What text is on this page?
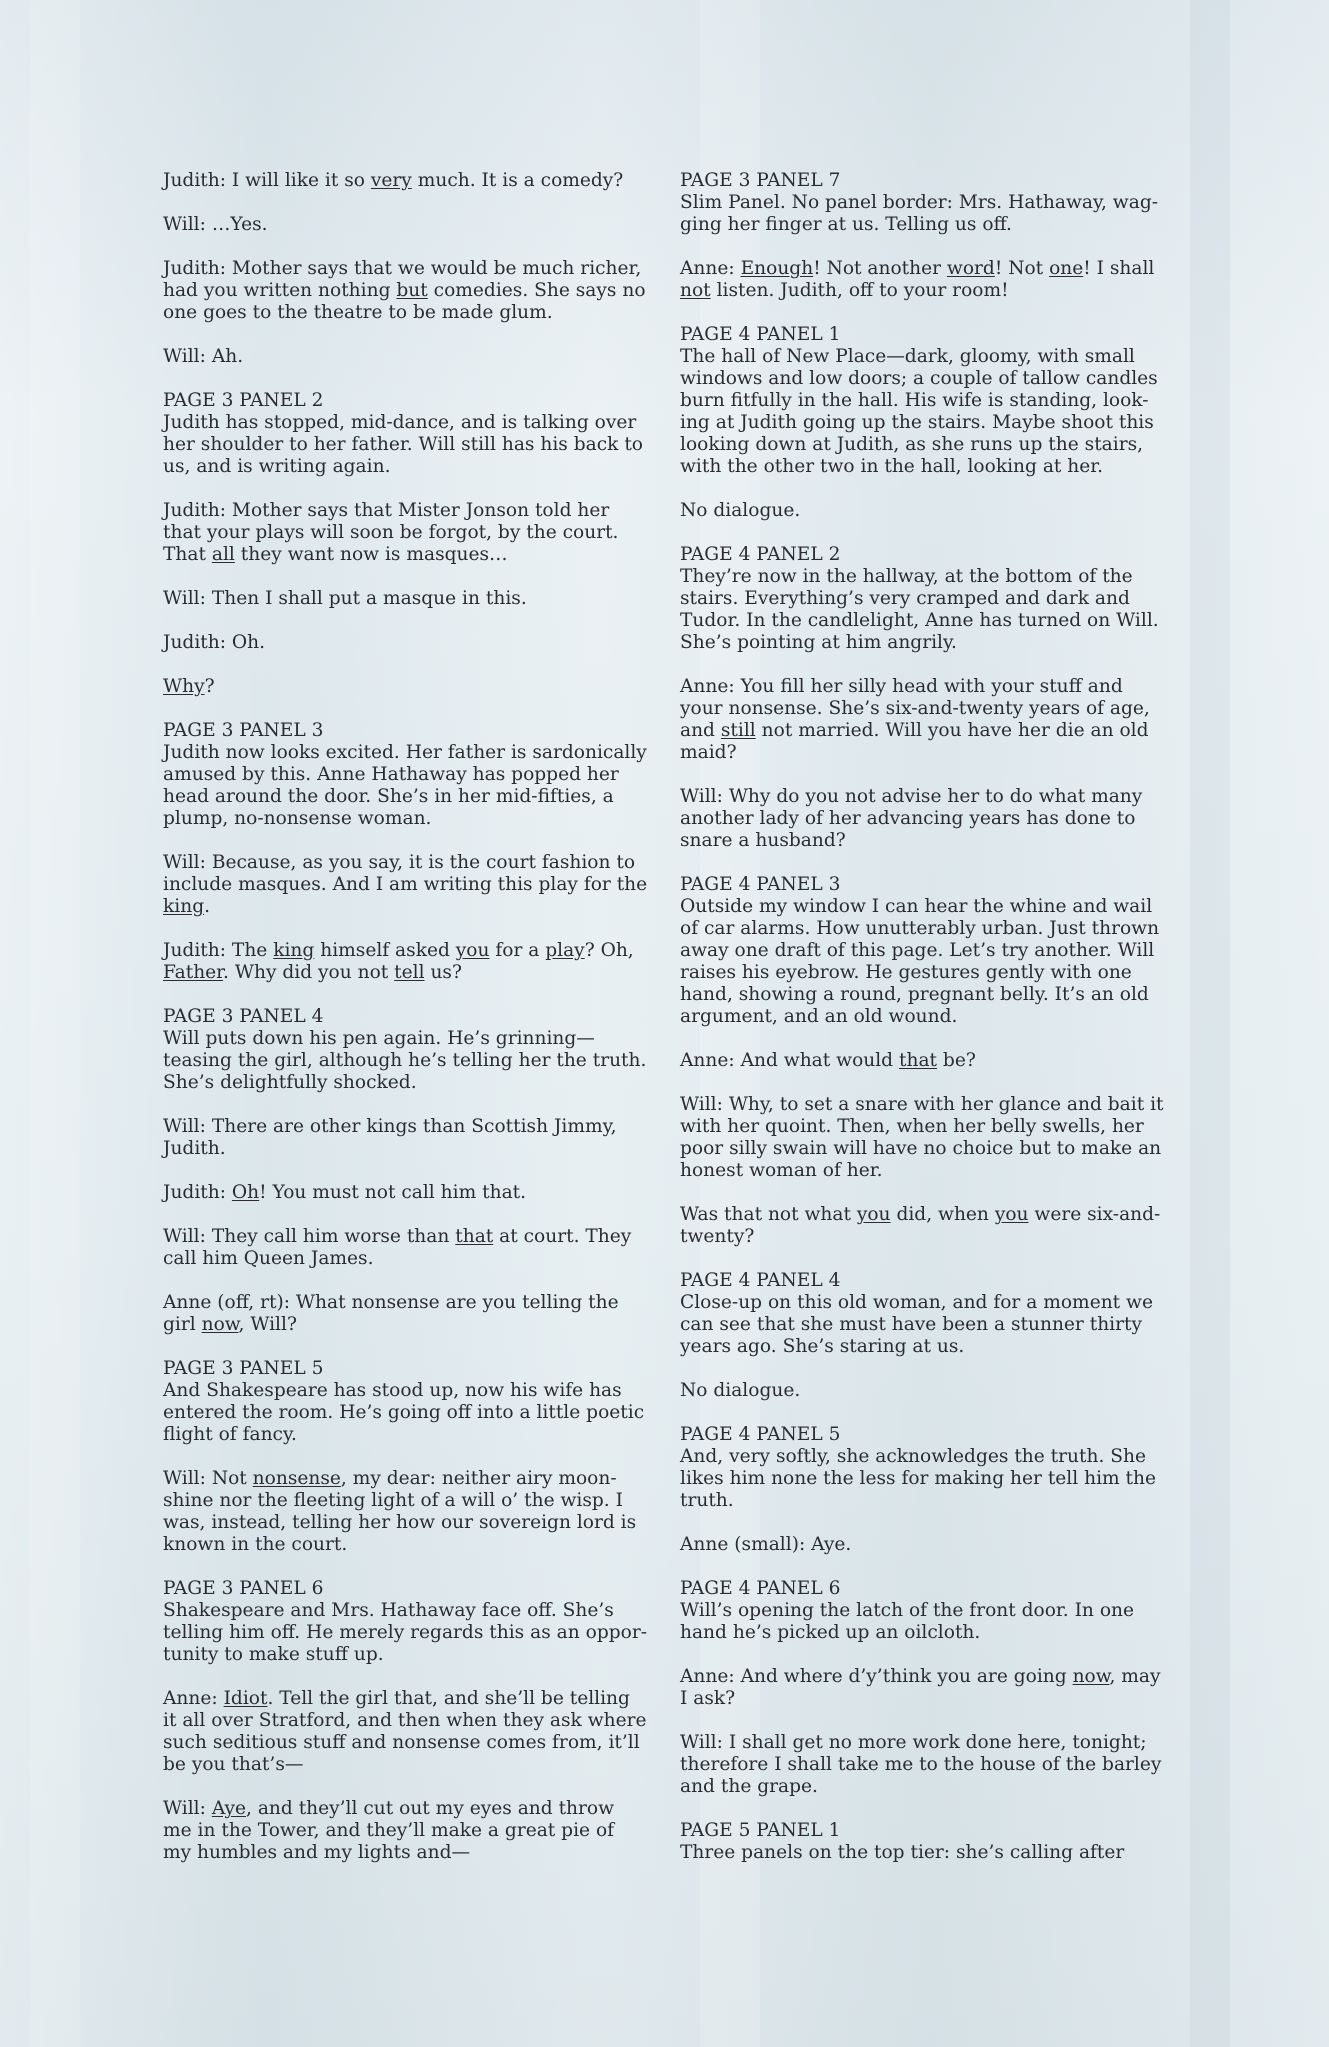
Judith: I will like it so very much. It is a comedy?

Will: …Yes.

Judith: Mother says that we would be much richer, had you written nothing but comedies. She says no one goes to the theatre to be made glum.

Will: Ah.

PAGE 3 PANEL 2

Judith has stopped, mid-dance, and is talking over her shoulder to her father. Will still has his back to us, and is writing again.

Judith: Mother says that Mister Jonson told her that your plays will soon be forgot, by the court. That all they want now is masques…

Will: Then I shall put a masque in this.

Judith: Oh.

Why?

PAGE 3 PANEL 3

Judith now looks excited. Her father is sardonically amused by this. Anne Hathaway has popped her head around the door. She’s in her mid-fifties, a plump, no-nonsense woman.

Will: Because, as you say, it is the court fashion to include masques. And I am writing this play for the king.

Judith: The king himself asked you for a play? Oh, Father. Why did you not tell us?

PAGE 3 PANEL 4

Will puts down his pen again. He’s grinning—teasing the girl, although he’s telling her the truth. She’s delightfully shocked.

Will: There are other kings than Scottish Jimmy, Judith.

Judith: Oh! You must not call him that.

Will: They call him worse than that at court. They call him Queen James.

Anne (off, rt): What nonsense are you telling the girl now, Will?

PAGE 3 PANEL 5

And Shakespeare has stood up, now his wife has entered the room. He’s going off into a little poetic flight of fancy.

Will: Not nonsense, my dear: neither airy moon-shine nor the fleeting light of a will o’ the wisp. I was, instead, telling her how our sovereign lord is known in the court.

PAGE 3 PANEL 6

Shakespeare and Mrs. Hathaway face off. She’s telling him off. He merely regards this as an oppor-tunity to make stuff up.

Anne: Idiot. Tell the girl that, and she’ll be telling it all over Stratford, and then when they ask where such seditious stuff and nonsense comes from, it’ll be you that’s—

Will: Aye, and they’ll cut out my eyes and throw me in the Tower, and they’ll make a great pie of my humbles and my lights and—

PAGE 3 PANEL 7

Slim Panel. No panel border: Mrs. Hathaway, wag-ging her finger at us. Telling us off.

Anne: Enough! Not another word! Not one! I shall not listen. Judith, off to your room!

PAGE 4 PANEL 1

The hall of New Place—dark, gloomy, with small windows and low doors; a couple of tallow candles burn fitfully in the hall. His wife is standing, look-ing at Judith going up the stairs. Maybe shoot this looking down at Judith, as she runs up the stairs, with the other two in the hall, looking at her.

No dialogue.

PAGE 4 PANEL 2

They’re now in the hallway, at the bottom of the stairs. Everything’s very cramped and dark and Tudor. In the candlelight, Anne has turned on Will. She’s pointing at him angrily.

Anne: You fill her silly head with your stuff and your nonsense. She’s six-and-twenty years of age, and still not married. Will you have her die an old maid?

Will: Why do you not advise her to do what many another lady of her advancing years has done to snare a husband?

PAGE 4 PANEL 3

Outside my window I can hear the whine and wail of car alarms. How unutterably urban. Just thrown away one draft of this page. Let’s try another. Will raises his eyebrow. He gestures gently with one hand, showing a round, pregnant belly. It’s an old argument, and an old wound.

Anne: And what would that be?

Will: Why, to set a snare with her glance and bait it with her quoint. Then, when her belly swells, her poor silly swain will have no choice but to make an honest woman of her.

Was that not what you did, when you were six-and-twenty?

PAGE 4 PANEL 4

Close-up on this old woman, and for a moment we can see that she must have been a stunner thirty years ago. She’s staring at us.

No dialogue.

PAGE 4 PANEL 5

And, very softly, she acknowledges the truth. She likes him none the less for making her tell him the truth.

Anne (small): Aye.

PAGE 4 PANEL 6

Will’s opening the latch of the front door. In one hand he’s picked up an oilcloth.

Anne: And where d’y’think you are going now, may I ask?

Will: I shall get no more work done here, tonight; therefore I shall take me to the house of the barley and the grape.

PAGE 5 PANEL 1

Three panels on the top tier: she’s calling after
